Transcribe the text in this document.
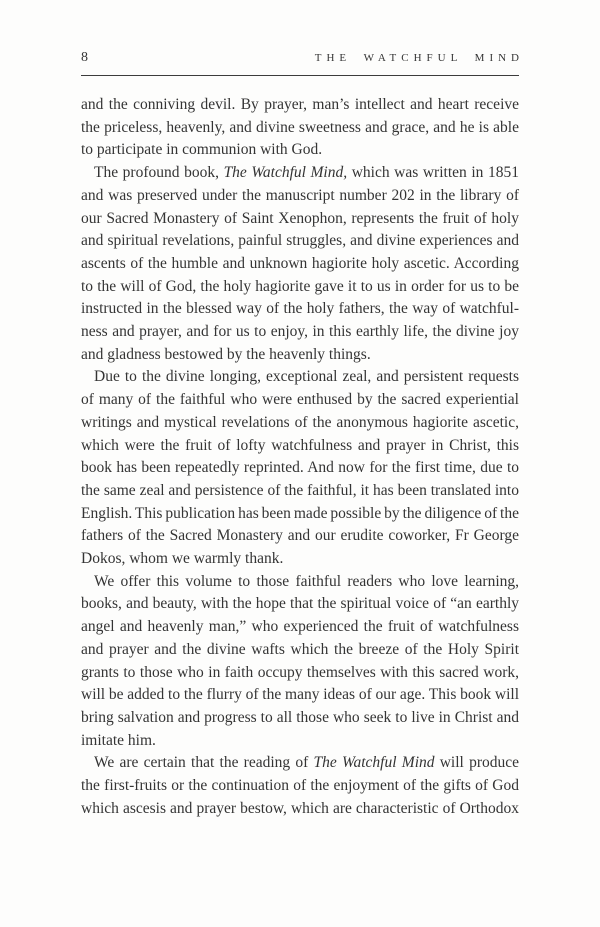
8	THE WATCHFUL MIND
and the conniving devil. By prayer, man’s intellect and heart receive
the priceless, heavenly, and divine sweetness and grace, and he is able
to participate in communion with God.
The profound book, The Watchful Mind, which was written in 1851
and was preserved under the manuscript number 202 in the library of
our Sacred Monastery of Saint Xenophon, represents the fruit of holy
and spiritual revelations, painful struggles, and divine experiences and
ascents of the humble and unknown hagiorite holy ascetic. According
to the will of God, the holy hagiorite gave it to us in order for us to be
instructed in the blessed way of the holy fathers, the way of watchful-
ness and prayer, and for us to enjoy, in this earthly life, the divine joy
and gladness bestowed by the heavenly things.
Due to the divine longing, exceptional zeal, and persistent requests
of many of the faithful who were enthused by the sacred experiential
writings and mystical revelations of the anonymous hagiorite ascetic,
which were the fruit of lofty watchfulness and prayer in Christ, this
book has been repeatedly reprinted. And now for the first time, due to
the same zeal and persistence of the faithful, it has been translated into
English. This publication has been made possible by the diligence of the
fathers of the Sacred Monastery and our erudite coworker, Fr George
Dokos, whom we warmly thank.
We offer this volume to those faithful readers who love learning,
books, and beauty, with the hope that the spiritual voice of “an earthly
angel and heavenly man,” who experienced the fruit of watchfulness
and prayer and the divine wafts which the breeze of the Holy Spirit
grants to those who in faith occupy themselves with this sacred work,
will be added to the flurry of the many ideas of our age. This book will
bring salvation and progress to all those who seek to live in Christ and
imitate him.
We are certain that the reading of The Watchful Mind will produce
the first-fruits or the continuation of the enjoyment of the gifts of God
which ascesis and prayer bestow, which are characteristic of Orthodox
